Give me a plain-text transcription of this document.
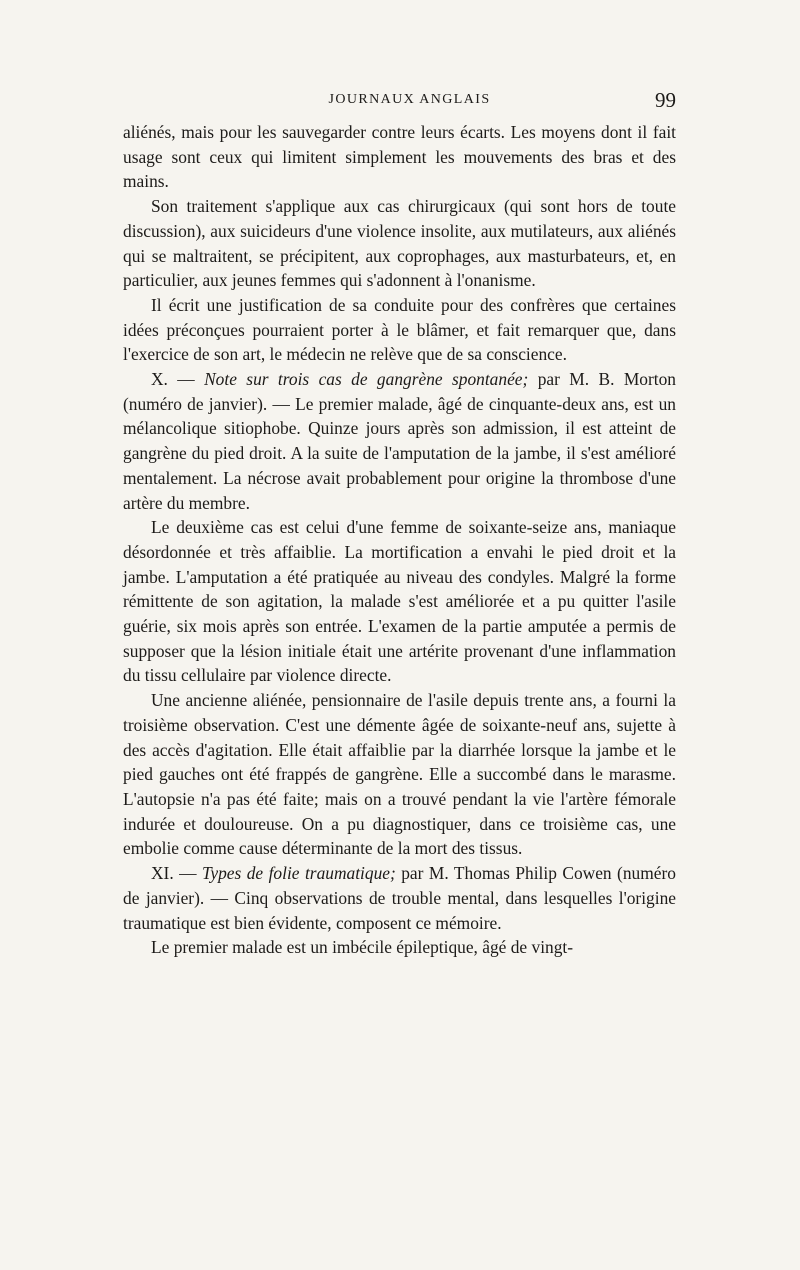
JOURNAUX ANGLAIS	99

aliénés, mais pour les sauvegarder contre leurs écarts. Les moyens dont il fait usage sont ceux qui limitent simplement les mouvements des bras et des mains.

Son traitement s'applique aux cas chirurgicaux (qui sont hors de toute discussion), aux suicideurs d'une violence insolite, aux mutilateurs, aux aliénés qui se maltraitent, se précipitent, aux coprophages, aux masturbateurs, et, en particulier, aux jeunes femmes qui s'adonnent à l'onanisme.

Il écrit une justification de sa conduite pour des confrères que certaines idées préconçues pourraient porter à le blâmer, et fait remarquer que, dans l'exercice de son art, le médecin ne relève que de sa conscience.

X. — Note sur trois cas de gangrène spontanée; par M. B. Morton (numéro de janvier). — Le premier malade, âgé de cinquante-deux ans, est un mélancolique sitiophobe. Quinze jours après son admission, il est atteint de gangrène du pied droit. A la suite de l'amputation de la jambe, il s'est amélioré mentalement. La nécrose avait probablement pour origine la thrombose d'une artère du membre.

Le deuxième cas est celui d'une femme de soixante-seize ans, maniaque désordonnée et très affaiblie. La mortification a envahi le pied droit et la jambe. L'amputation a été pratiquée au niveau des condyles. Malgré la forme rémittente de son agitation, la malade s'est améliorée et a pu quitter l'asile guérie, six mois après son entrée. L'examen de la partie amputée a permis de supposer que la lésion initiale était une artérite provenant d'une inflammation du tissu cellulaire par violence directe.

Une ancienne aliénée, pensionnaire de l'asile depuis trente ans, a fourni la troisième observation. C'est une démente âgée de soixante-neuf ans, sujette à des accès d'agitation. Elle était affaiblie par la diarrhée lorsque la jambe et le pied gauches ont été frappés de gangrène. Elle a succombé dans le marasme. L'autopsie n'a pas été faite; mais on a trouvé pendant la vie l'artère fémorale indurée et douloureuse. On a pu diagnostiquer, dans ce troisième cas, une embolie comme cause déterminante de la mort des tissus.

XI. — Types de folie traumatique; par M. Thomas Philip Cowen (numéro de janvier). — Cinq observations de trouble mental, dans lesquelles l'origine traumatique est bien évidente, composent ce mémoire.

Le premier malade est un imbécile épileptique, âgé de vingt-
